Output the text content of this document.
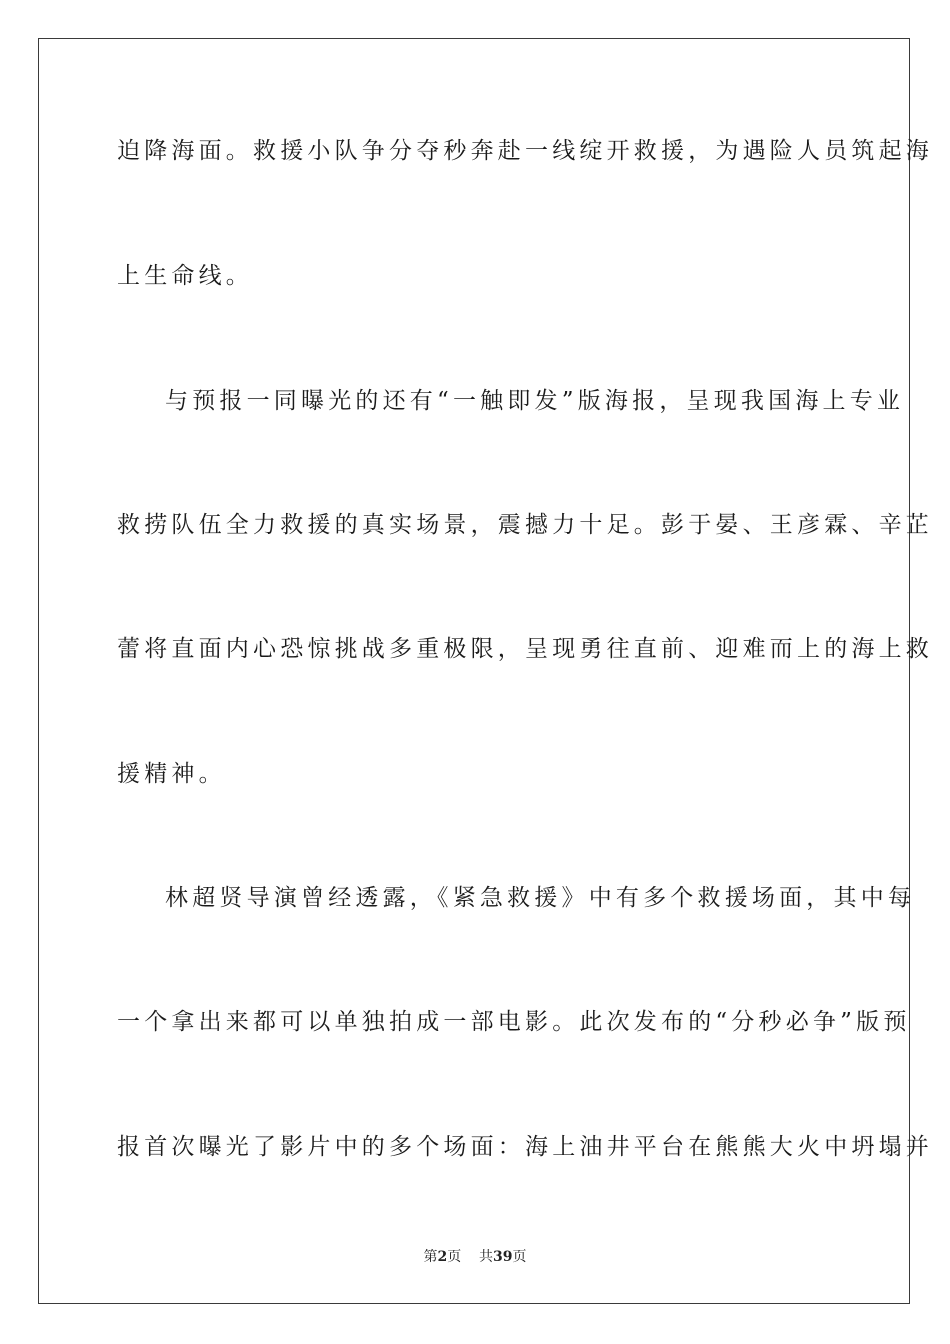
迫降海面。救援小队争分夺秒奔赴一线绽开救援，为遇险人员筑起海
上生命线。
与预报一同曝光的还有“一触即发”版海报，呈现我国海上专业
救捞队伍全力救援的真实场景，震撼力十足。彭于晏、王彦霖、辛芷
蕾将直面内心恐惊挑战多重极限，呈现勇往直前、迎难而上的海上救
援精神。
林超贤导演曾经透露，《紧急救援》中有多个救援场面，其中每
一个拿出来都可以单独拍成一部电影。此次发布的“分秒必争”版预
报首次曝光了影片中的多个场面：海上油井平台在熊熊大火中坍塌并
第2页 共39页
